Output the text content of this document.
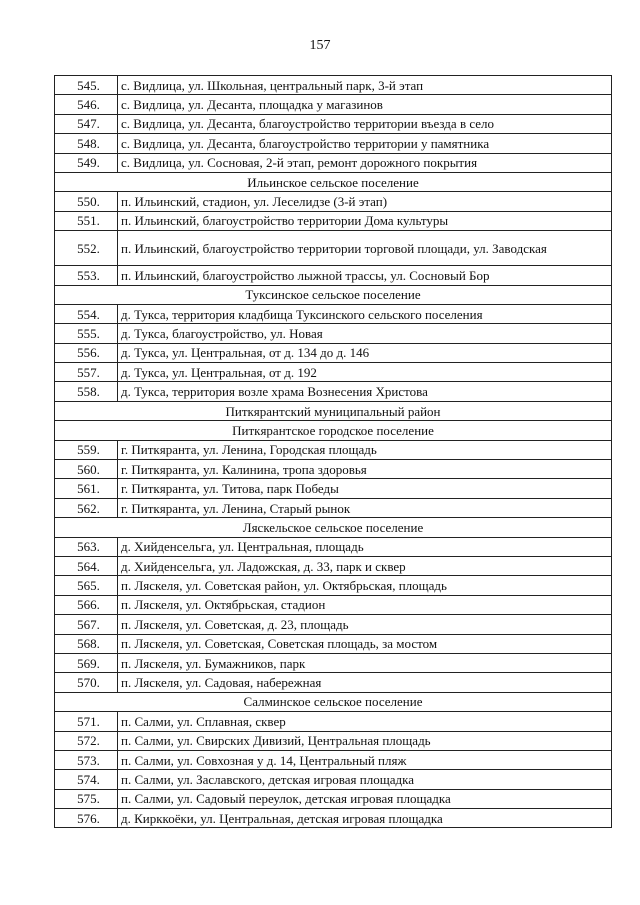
157
545.	с. Видлица, ул. Школьная, центральный парк, 3-й этап
546.	с. Видлица, ул. Десанта, площадка у магазинов
547.	с. Видлица, ул. Десанта, благоустройство территории въезда в село
548.	с. Видлица, ул. Десанта, благоустройство территории у памятника
549.	с. Видлица, ул. Сосновая, 2-й этап, ремонт дорожного покрытия
Ильинское сельское поселение	
550.	п. Ильинский, стадион, ул. Леселидзе (3-й этап)
551.	п. Ильинский, благоустройство территории Дома культуры
552.	п. Ильинский, благоустройство территории торговой площади, ул. Заводская
553.	п. Ильинский, благоустройство лыжной трассы, ул. Сосновый Бор
Туксинское сельское поселение	
554.	д. Тукса, территория кладбища Туксинского сельского поселения
555.	д. Тукса, благоустройство, ул. Новая
556.	д. Тукса, ул. Центральная, от д. 134 до д. 146
557.	д. Тукса, ул. Центральная, от д. 192
558.	д. Тукса, территория возле храма Вознесения Христова
Питкярантский муниципальный район	
Питкярантское городское поселение	
559.	г. Питкяранта, ул. Ленина, Городская площадь
560.	г. Питкяранта, ул. Калинина, тропа здоровья
561.	г. Питкяранта, ул. Титова, парк Победы
562.	г. Питкяранта, ул. Ленина, Старый рынок
Ляскельское сельское поселение	
563.	д. Хийденсельга, ул. Центральная, площадь
564.	д. Хийденсельга, ул. Ладожская, д. 33, парк и сквер
565.	п. Ляскеля, ул. Советская район, ул. Октябрьская, площадь
566.	п. Ляскеля, ул. Октябрьская, стадион
567.	п. Ляскеля, ул. Советская, д. 23, площадь
568.	п. Ляскеля, ул. Советская, Советская площадь, за мостом
569.	п. Ляскеля, ул. Бумажников, парк
570.	п. Ляскеля, ул. Садовая, набережная
Салминское сельское поселение	
571.	п. Салми, ул. Сплавная, сквер
572.	п. Салми, ул. Свирских Дивизий, Центральная площадь
573.	п. Салми, ул. Совхозная у д. 14, Центральный пляж
574.	п. Салми, ул. Заславского, детская игровая площадка
575.	п. Салми, ул. Садовый переулок, детская игровая площадка
576.	д. Кирккоёки, ул. Центральная, детская игровая площадка
